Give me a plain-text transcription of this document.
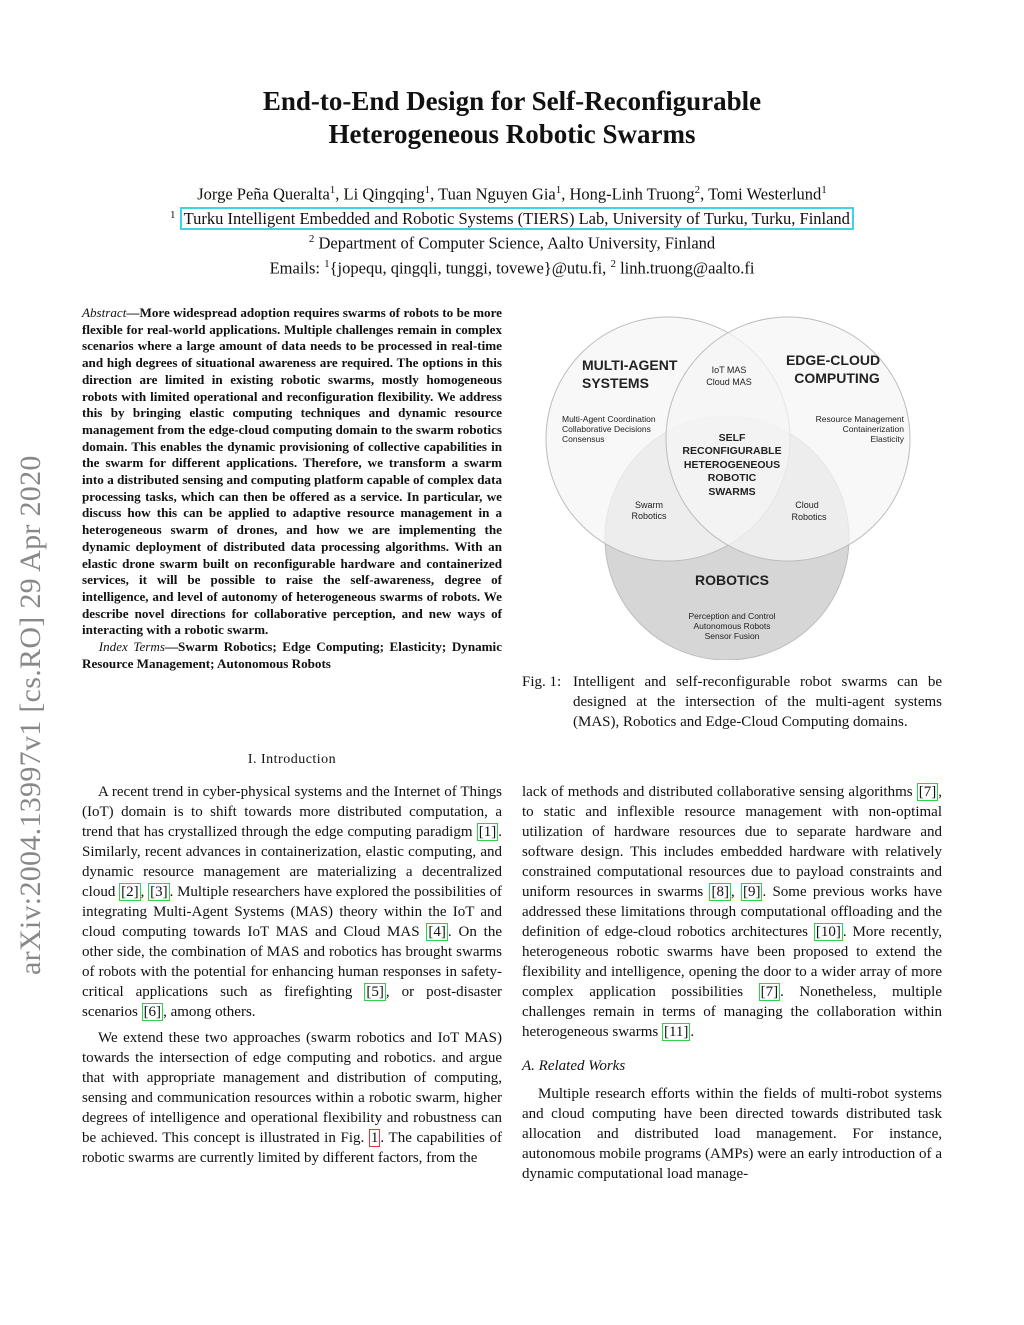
arXiv:2004.13997v1 [cs.RO] 29 Apr 2020
End-to-End Design for Self-Reconfigurable
Heterogeneous Robotic Swarms
Jorge Peña Queralta$^1$, Li Qingqing$^1$, Tuan Nguyen Gia$^1$, Hong-Linh Truong$^2$, Tomi Westerlund$^1$
$^1$ Turku Intelligent Embedded and Robotic Systems (TIERS) Lab, University of Turku, Turku, Finland
$^2$ Department of Computer Science, Aalto University, Finland
Emails: $^1${jopequ, qingqli, tunggi, tovewe}@utu.fi, $^2$ linh.truong@aalto.fi
Abstract—More widespread adoption requires swarms of robots to be more flexible for real-world applications. Multiple challenges remain in complex scenarios where a large amount of data needs to be processed in real-time and high degrees of situational awareness are required. The options in this direction are limited in existing robotic swarms, mostly homogeneous robots with limited operational and reconfiguration flexibility. We address this by bringing elastic computing techniques and dynamic resource management from the edge-cloud computing domain to the swarm robotics domain. This enables the dynamic provisioning of collective capabilities in the swarm for different applications. Therefore, we transform a swarm into a distributed sensing and computing platform capable of complex data processing tasks, which can then be offered as a service. In particular, we discuss how this can be applied to adaptive resource management in a heterogeneous swarm of drones, and how we are implementing the dynamic deployment of distributed data processing algorithms. With an elastic drone swarm built on reconfigurable hardware and containerized services, it will be possible to raise the self-awareness, degree of intelligence, and level of autonomy of heterogeneous swarms of robots. We describe novel directions for collaborative perception, and new ways of interacting with a robotic swarm.
Index Terms—Swarm Robotics; Edge Computing; Elasticity; Dynamic Resource Management; Autonomous Robots
I. Introduction

A recent trend in cyber-physical systems and the Internet of Things (IoT) domain is to shift towards more distributed computation, a trend that has crystallized through the edge computing paradigm [1] . Similarly, recent advances in containerization, elastic computing, and dynamic resource management are materializing a decentralized cloud [2] , [3] . Multiple researchers have explored the possibilities of integrating Multi-Agent Systems (MAS) theory within the IoT and cloud computing towards IoT MAS and Cloud MAS [4] . On the other side, the combination of MAS and robotics has brought swarms of robots with the potential for enhancing human responses in safety-critical applications such as firefighting [5] , or post-disaster scenarios [6] , among others.

We extend these two approaches (swarm robotics and IoT MAS) towards the intersection of edge computing and robotics. and argue that with appropriate management and distribution of computing, sensing and communication resources within a robotic swarm, higher degrees of intelligence and operational flexibility and robustness can be achieved. This concept is illustrated in Fig. 1 . The capabilities of robotic swarms are currently limited by different factors, from the

lack of methods and distributed collaborative sensing algorithms [7] , to static and inflexible resource management with non-optimal utilization of hardware resources due to separate hardware and software design. This includes embedded hardware with relatively constrained computational resources due to payload constraints and uniform resources in swarms [8] , [9] . Some previous works have addressed these limitations through computational offloading and the definition of edge-cloud robotics architectures [10] . More recently, heterogeneous robotic swarms have been proposed to extend the flexibility and intelligence, opening the door to a wider array of more complex application possibilities [7] . Nonetheless, multiple challenges remain in terms of managing the collaboration within heterogeneous swarms [11] .

A. Related Works

Multiple research efforts within the fields of multi-robot systems and cloud computing have been directed towards distributed task allocation and distributed load management. For instance, autonomous mobile programs (AMPs) were an early introduction of a dynamic computational load manage-

MULTI-AGENT
SYSTEMS
Multi-Agent Coordination
Collaborative Decisions
Consensus
EDGE-CLOUD
COMPUTING
Resource Management
Containerization
Elasticity
IoT MAS
Cloud MAS
SELF
RECONFIGURABLE
HETEROGENEOUS
ROBOTIC
SWARMS
Swarm
Robotics
Cloud
Robotics
ROBOTICS
Perception and Control
Autonomous Robots
Sensor Fusion
Fig. 1: Intelligent and self-reconfigurable robot swarms can be designed at the intersection of the multi-agent systems (MAS), Robotics and Edge-Cloud Computing domains.
